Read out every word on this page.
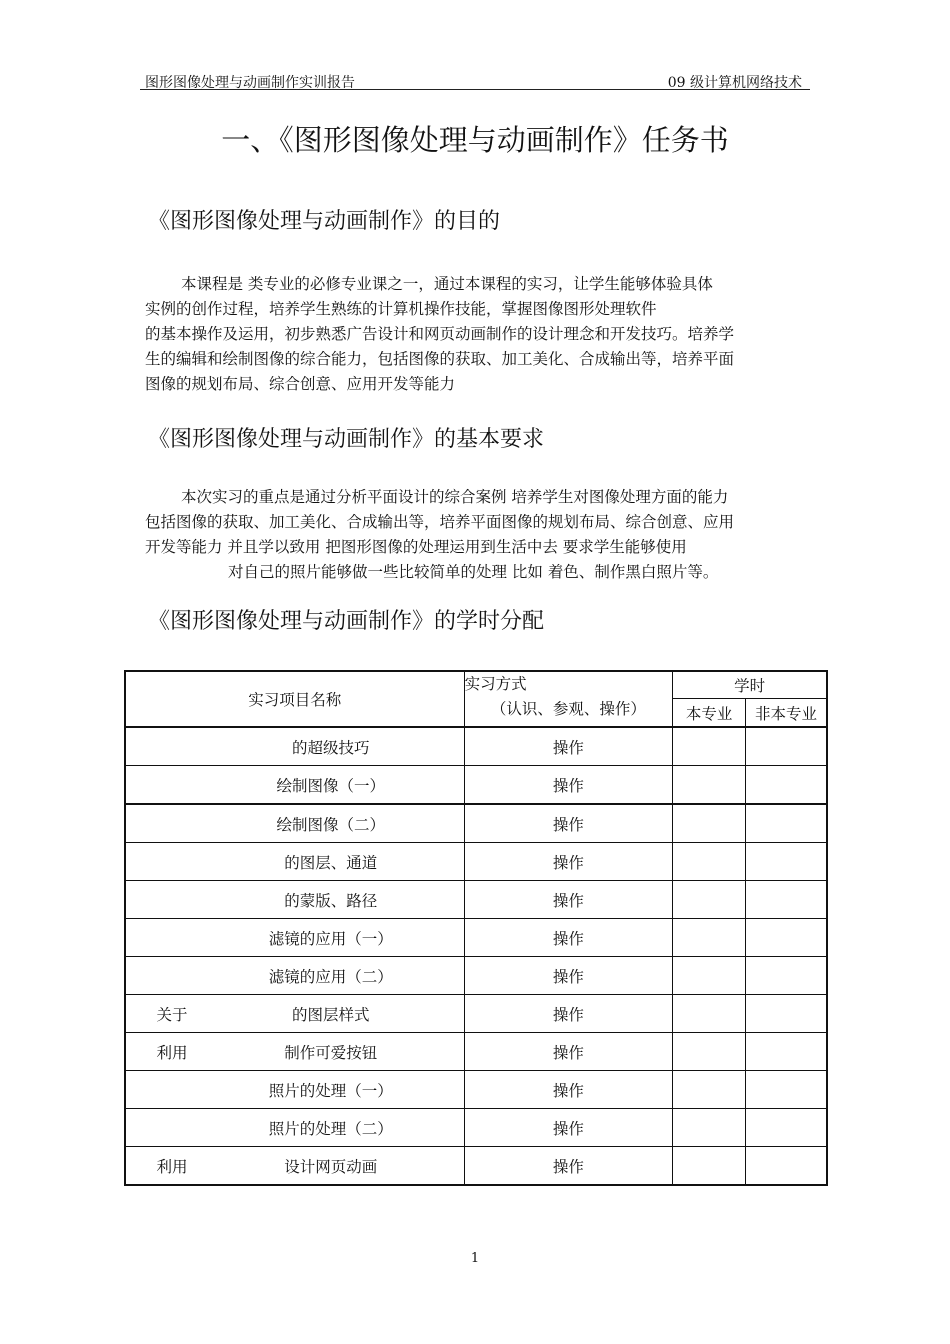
图形图像处理与动画制作实训报告	09 级计算机网络技术
一、《图形图像处理与动画制作》任务书
《图形图像处理与动画制作》的目的

本课程是 类专业的必修专业课之一，通过本课程的实习，让学生能够体验具体

实例的创作过程，培养学生熟练的计算机操作技能，掌握图像图形处理软件

的基本操作及运用，初步熟悉广告设计和网页动画制作的设计理念和开发技巧。培养学

生的编辑和绘制图像的综合能力，包括图像的获取、加工美化、合成输出等，培养平面

图像的规划布局、综合创意、应用开发等能力

《图形图像处理与动画制作》的基本要求

本次实习的重点是通过分析平面设计的综合案例 培养学生对图像处理方面的能力

包括图像的获取、加工美化、合成输出等，培养平面图像的规划布局、综合创意、应用

开发等能力 并且学以致用 把图形图像的处理运用到生活中去 要求学生能够使用

对自己的照片能够做一些比较简单的处理 比如 着色、制作黑白照片等。

《图形图像处理与动画制作》的学时分配
实习项目名称	实习方式
（认识、参观、操作）	学时	
		本专业	非本专业

的超级技巧	操作		

绘制图像（一）	操作		

绘制图像（二）	操作		

的图层、通道	操作		

的蒙版、路径	操作		

滤镜的应用（一）	操作		

滤镜的应用（二）	操作		

关于 的图层样式	操作		

利用 制作可爱按钮	操作		

照片的处理（一）	操作		

照片的处理（二）	操作		

利用 设计网页动画	操作		
1
